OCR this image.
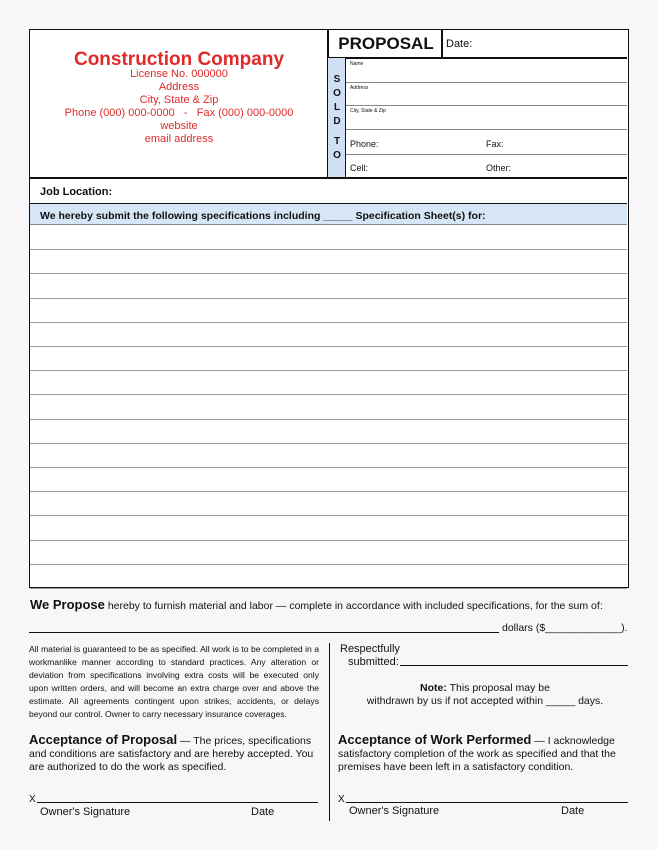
Construction Company
License No. 000000
Address
City, State & Zip
Phone (000) 000-0000   -   Fax (000) 000-0000
website
email address
PROPOSAL	Date:
S
O
L
D
T
O
Name
Address
City, State & Zip
Phone:	Fax:
Cell:	Other:
Job Location:
We hereby submit the following specifications including _____ Specification Sheet(s) for:
We Propose hereby to furnish material and labor — complete in accordance with included specifications, for the sum of:
dollars ($_____________).
All material is guaranteed to be as specified. All work is to be completed in a workmanlike manner according to standard practices. Any alteration or deviation from specifications involving extra costs will be executed only upon written orders, and will become an extra charge over and above the estimate. All agreements contingent upon strikes, accidents, or delays beyond our control. Owner to carry necessary insurance coverages.
Respectfully
submitted:
Note: This proposal may be
withdrawn by us if not accepted within _____ days.
Acceptance of Proposal — The prices, specifications and conditions are satisfactory and are hereby accepted. You are authorized to do the work as specified.
Acceptance of Work Performed — I acknowledge satisfactory completion of the work as specified and that the premises have been left in a satisfactory condition.
X
Owner's Signature	Date
X
Owner's Signature	Date
